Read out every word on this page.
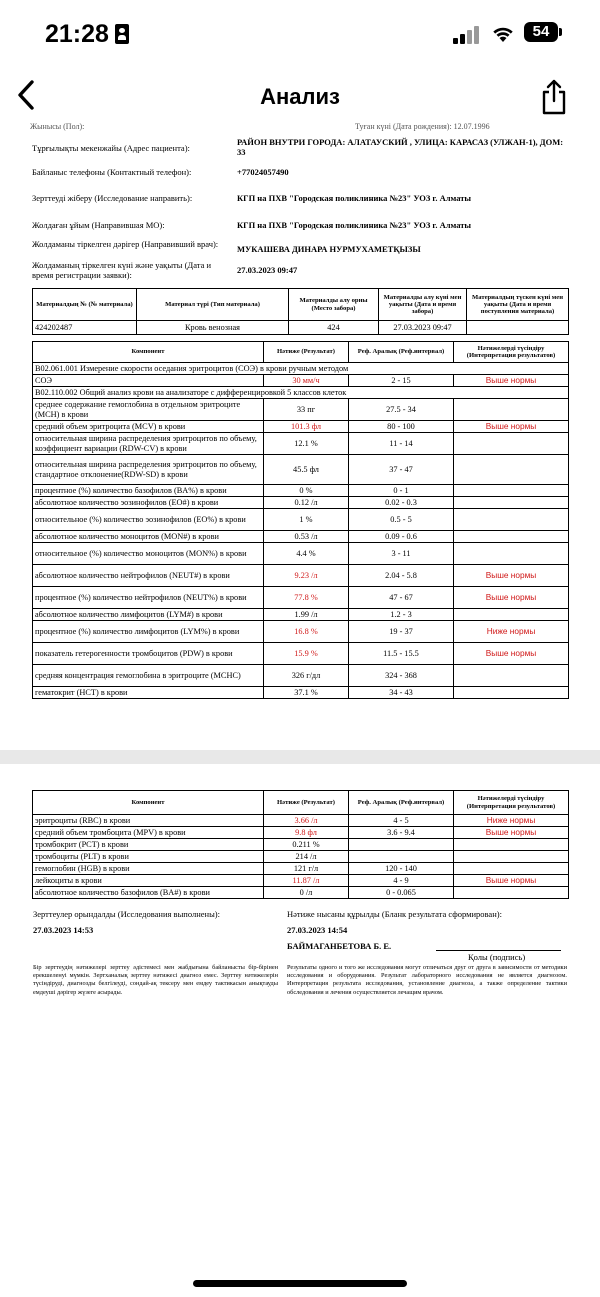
21:28	54
Анализ
Жынысы (Пол):	Туған күні (Дата рождения): 12.07.1996
Тұрғылықты мекенжайы (Адрес пациента):
РАЙОН ВНУТРИ ГОРОДА: АЛАТАУСКИЙ , УЛИЦА: КАРАСАЗ (УЛЖАН-1), ДОМ: 33
Байланыс телефоны (Контактный телефон):	+77024057490
Зерттеуді жіберу (Исследование направить):	КГП на ПХВ "Городская поликлиника №23" УОЗ г. Алматы
Жолдаған ұйым (Направившая МО):	КГП на ПХВ "Городская поликлиника №23" УОЗ г. Алматы
Жолдаманы тіркелген дәрігер (Направивший врач):	МУКАШЕВА ДИНАРА НУРМУХАМЕТҚЫЗЫ
Жолдаманың тіркелген күні және уақыты (Дата и время регистрации заявки):	27.03.2023 09:47
Материалдың № (№ материала)	Материал түрі (Тип материала)	Материалды алу орны (Место забора)	Материалды алу күні мен уақыты (Дата и время забора)	Материалдың түскен күні мен уақыты (Дата и время поступления материала)
424202487	Кровь венозная	424	27.03.2023 09:47	
Компонент	Нәтиже (Результат)	Реф. Аралық (Реф.интервал)	Нәтижелерді түсіндіру (Интерпретация результатов)
B02.061.001 Измерение скорости оседания эритроцитов (СОЭ) в крови ручным методом			
СОЭ	30 мм/ч	2 - 15	Выше нормы
B02.110.002 Общий анализ крови на анализаторе с дифференцировкой 5 классов клеток			
среднее содержание гемоглобина в отдельном эритроците (МСН) в крови	33 пг	27.5 - 34	
средний объем эритроцита (MCV) в крови	101.3 фл	80 - 100	Выше нормы
относительная ширина распределения эритроцитов по объему, коэффициент вариации (RDW-CV) в крови	12.1 %	11 - 14	
относительная ширина распределения эритроцитов по объему, стандартное отклонение(RDW-SD) в крови	45.5 фл	37 - 47	
процентное (%) количество базофилов (BA%) в крови	0 %	0 - 1	
абсолютное количество эозинофилов (EO#) в крови	0.12 /л	0.02 - 0.3	
относительное (%) количество эозинофилов (EO%) в крови	1 %	0.5 - 5	
абсолютное количество моноцитов (MON#) в крови	0.53 /л	0.09 - 0.6	
относительное (%) количество моноцитов (MON%) в крови	4.4 %	3 - 11	
абсолютное количество нейтрофилов (NEUT#) в крови	9.23 /л	2.04 - 5.8	Выше нормы
процентное (%) количество нейтрофилов (NEUT%) в крови	77.8 %	47 - 67	Выше нормы
абсолютное количество лимфоцитов (LYM#) в крови	1.99 /л	1.2 - 3	
процентное (%) количество лимфоцитов (LYM%) в крови	16.8 %	19 - 37	Ниже нормы
показатель гетерогенности тромбоцитов (PDW) в крови	15.9 %	11.5 - 15.5	Выше нормы
средняя концентрация гемоглобина в эритроците (MCHC)	326 г/дл	324 - 368	
гематокрит (HCT) в крови	37.1 %	34 - 43	
Компонент	Нәтиже (Результат)	Реф. Аралық (Реф.интервал)	Нәтижелерді түсіндіру (Интерпретация результатов)
эритроциты (RBC) в крови	3.66 /л	4 - 5	Ниже нормы
средний объем тромбоцита (MPV) в крови	9.8 фл	3.6 - 9.4	Выше нормы
тромбокрит (PCT) в крови	0.211 %		
тромбоциты (PLT) в крови	214 /л		
гемоглобин (HGB) в крови	121 г/л	120 - 140	
лейкоциты в крови	11.87 /л	4 - 9	Выше нормы
абсолютное количество базофилов (BA#) в крови	0 /л	0 - 0.065	
Зерттеулер орындалды (Исследования выполнены):
27.03.2023 14:53
Нәтиже нысаны құрылды (Бланк результата сформирован):
27.03.2023 14:54
БАЙМАГАНБЕТОВА Б. Е.
Қолы (подпись)
Бір зерттеудің нәтижелері зерттеу әдістемесі мен жабдығына байланысты бір-бірінен ерекшеленуі мүмкін. Зертханалық зерттеу нәтижесі диагноз емес. Зерттеу нәтижелерін түсіндіруді, диагнозды белгілеуді, сондай-ақ тексеру мен емдеу тактикасын анықтауды емдеуші дәрігер жүзеге асырады.
Результаты одного и того же исследования могут отличаться друг от друга в зависимости от методики исследования и оборудования. Результат лабораторного исследования не является диагнозом. Интерпретация результата исследования, установление диагноза, а также определение тактики обследования и лечения осуществляется лечащим врачом.
